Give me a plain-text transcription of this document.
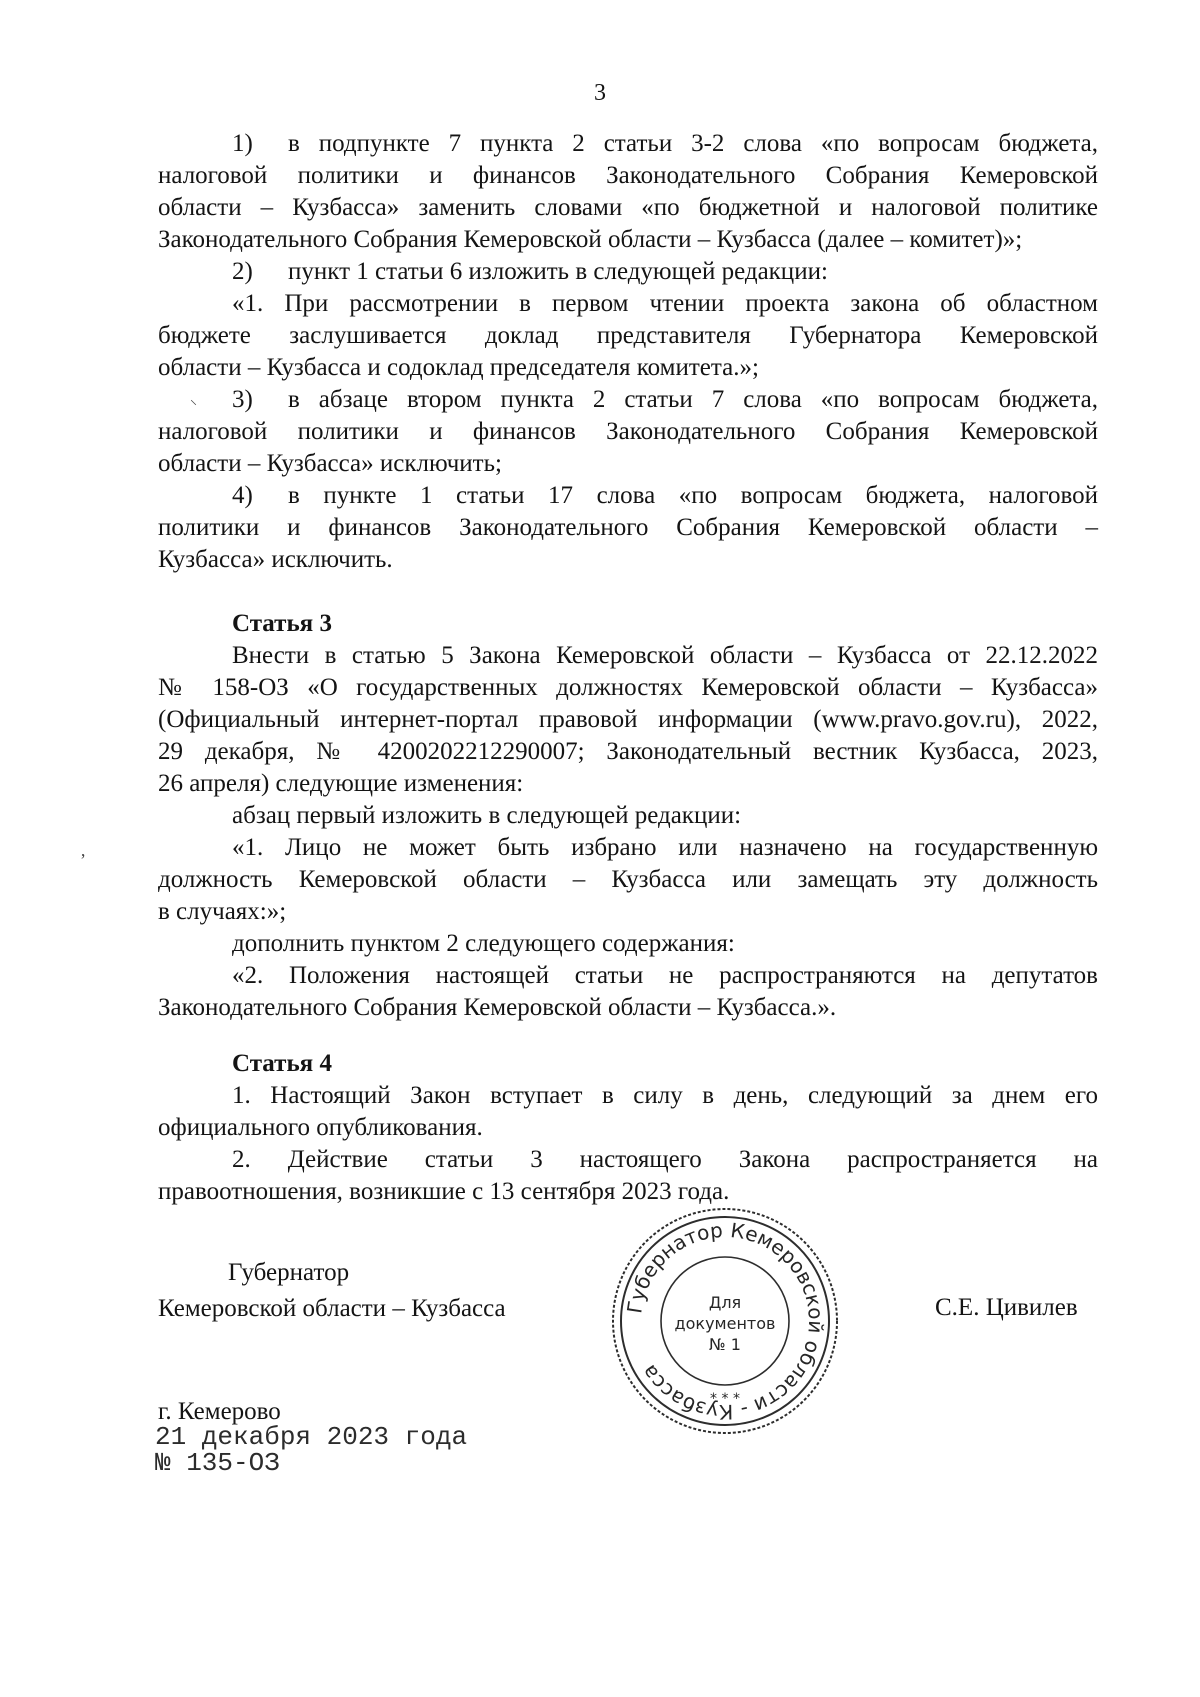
3
1) в подпункте 7 пункта 2 статьи 3-2 слова «по вопросам бюджета,
налоговой политики и финансов Законодательного Собрания Кемеровской
области – Кузбасса» заменить словами «по бюджетной и налоговой политике
Законодательного Собрания Кемеровской области – Кузбасса (далее – комитет)»;
2) пункт 1 статьи 6 изложить в следующей редакции:
«1. При рассмотрении в первом чтении проекта закона об областном
бюджете заслушивается доклад представителя Губернатора Кемеровской
области – Кузбасса и содоклад председателя комитета.»;
3) в абзаце втором пункта 2 статьи 7 слова «по вопросам бюджета,
налоговой политики и финансов Законодательного Собрания Кемеровской
области – Кузбасса» исключить;
4) в пункте 1 статьи 17 слова «по вопросам бюджета, налоговой
политики и финансов Законодательного Собрания Кемеровской области –
Кузбасса» исключить.
Статья 3
Внести в статью 5 Закона Кемеровской области – Кузбасса от 22.12.2022
№ 158-ОЗ «О государственных должностях Кемеровской области – Кузбасса»
(Официальный интернет-портал правовой информации (www.pravo.gov.ru), 2022,
29 декабря, № 4200202212290007; Законодательный вестник Кузбасса, 2023,
26 апреля) следующие изменения:
абзац первый изложить в следующей редакции:
«1. Лицо не может быть избрано или назначено на государственную
должность Кемеровской области – Кузбасса или замещать эту должность
в случаях:»;
дополнить пунктом 2 следующего содержания:
«2. Положения настоящей статьи не распространяются на депутатов
Законодательного Собрания Кемеровской области – Кузбасса.».
Статья 4
1. Настоящий Закон вступает в силу в день, следующий за днем его
официального опубликования.
2. Действие статьи 3 настоящего Закона распространяется на
правоотношения, возникшие с 13 сентября 2023 года.
Губернатор
Кемеровской области – Кузбасса	С.Е. Цивилев
Губернатор Кемеровской области - Кузбасса
Для
документов
№ 1
* * *
г. Кемерово
21 декабря 2023 года
№ 135-ОЗ
ʼ
⸜
